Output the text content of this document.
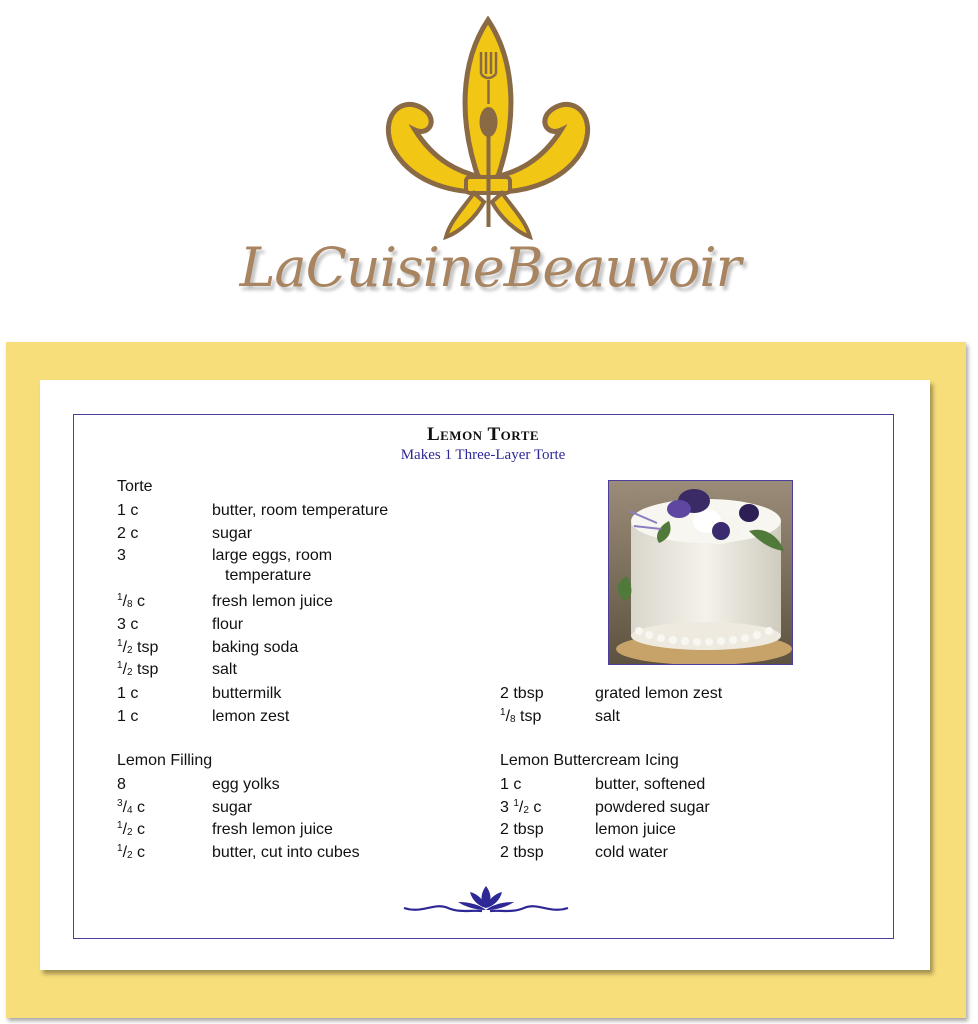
LaCuisineBeauvoir
Lemon Torte
Makes 1 Three-Layer Torte
Torte
1 c	butter, room temperature
2 c	sugar
3	large eggs, room
temperature
$^1/_8$ c	fresh lemon juice
3 c	flour
$^1/_2$ tsp	baking soda
$^1/_2$ tsp	salt
1 c	buttermilk
1 c	lemon zest
2 tbsp	grated lemon zest
$^1/_8$ tsp	salt
Lemon Filling
8	egg yolks
$^3/_4$ c	sugar
$^1/_2$ c	fresh lemon juice
$^1/_2$ c	butter, cut into cubes
Lemon Buttercream Icing
1 c	butter, softened
3 $^1/_2$ c	powdered sugar
2 tbsp	lemon juice
2 tbsp	cold water
